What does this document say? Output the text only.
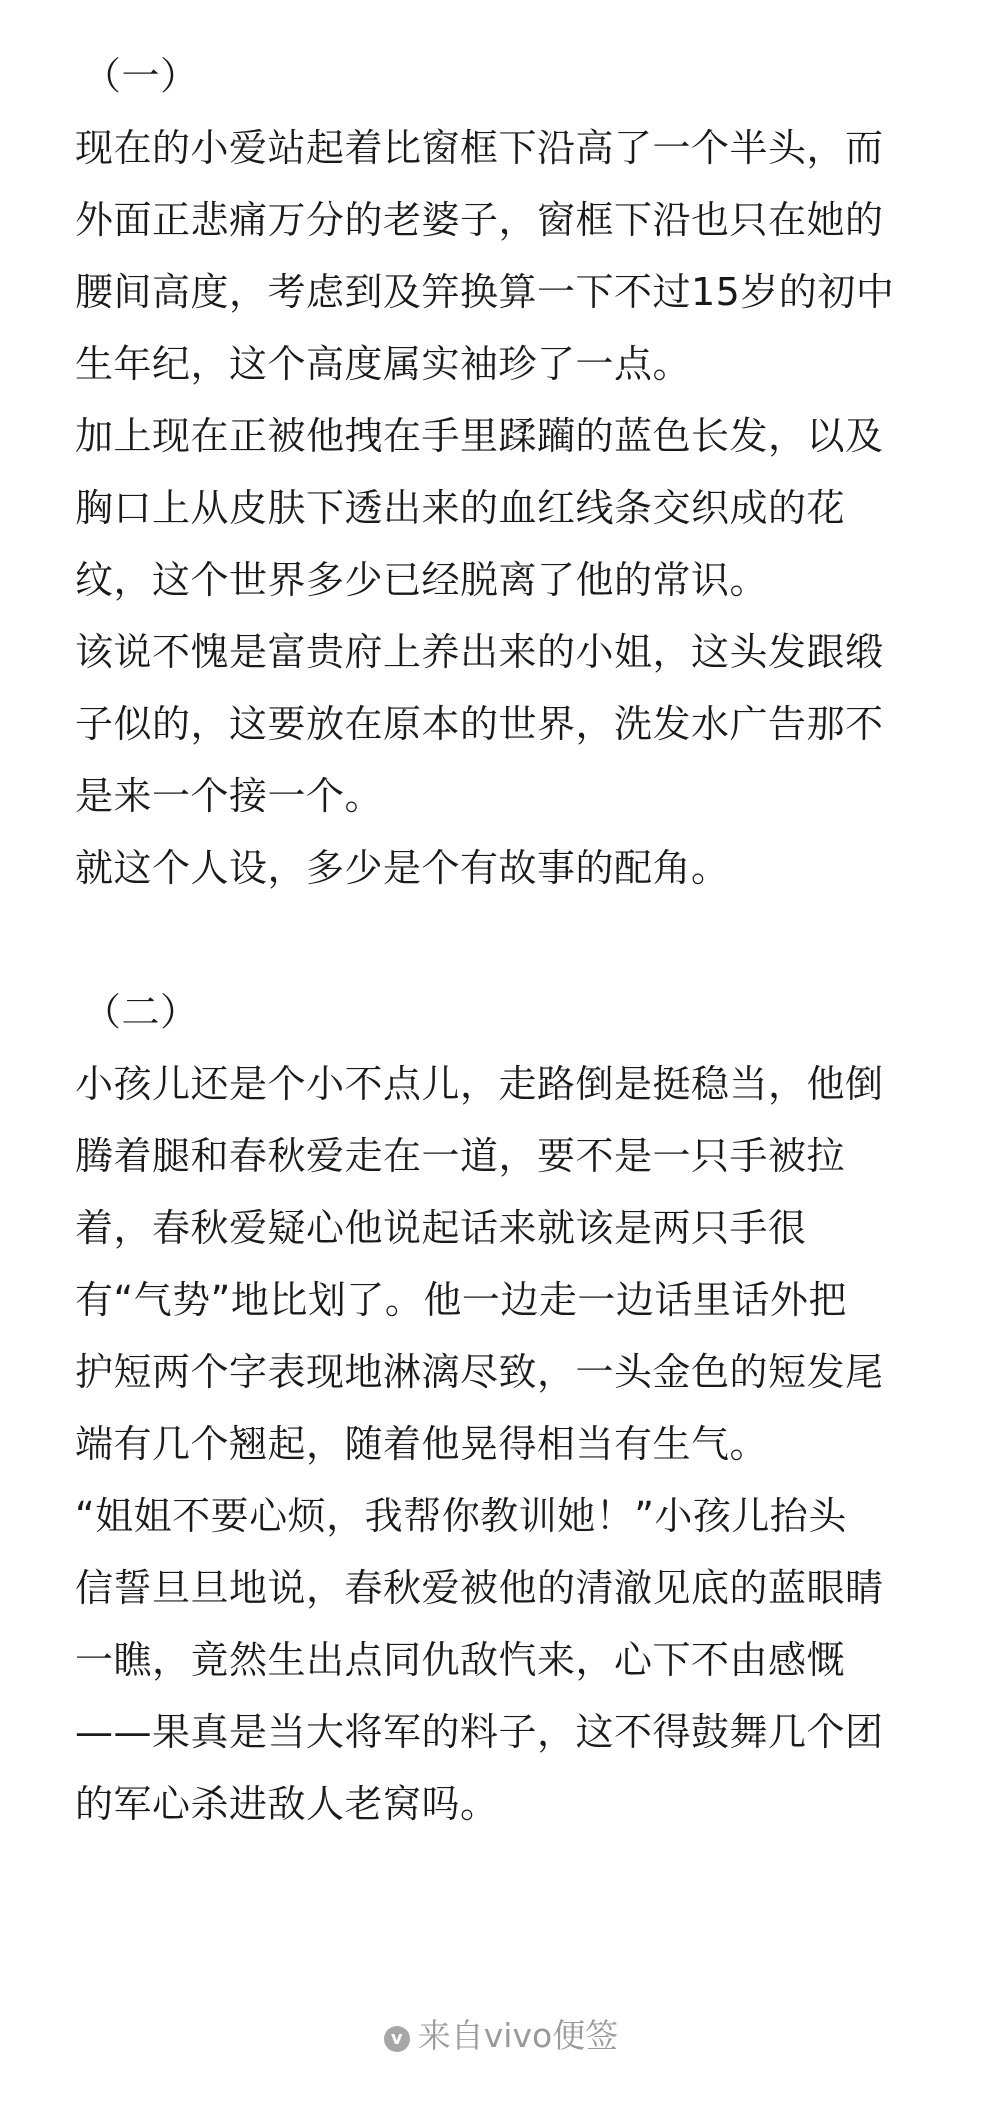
（一）
现在的小爱站起着比窗框下沿高了一个半头，而
外面正悲痛万分的老婆子，窗框下沿也只在她的
腰间高度，考虑到及笄换算一下不过15岁的初中
生年纪，这个高度属实袖珍了一点。
加上现在正被他拽在手里蹂躏的蓝色长发，以及
胸口上从皮肤下透出来的血红线条交织成的花
纹，这个世界多少已经脱离了他的常识。
该说不愧是富贵府上养出来的小姐，这头发跟缎
子似的，这要放在原本的世界，洗发水广告那不
是来一个接一个。
就这个人设，多少是个有故事的配角。
（二）
小孩儿还是个小不点儿，走路倒是挺稳当，他倒
腾着腿和春秋爱走在一道，要不是一只手被拉
着，春秋爱疑心他说起话来就该是两只手很
有“气势”地比划了。他一边走一边话里话外把
护短两个字表现地淋漓尽致，一头金色的短发尾
端有几个翘起，随着他晃得相当有生气。
“姐姐不要心烦，我帮你教训她！”小孩儿抬头
信誓旦旦地说，春秋爱被他的清澈见底的蓝眼睛
一瞧，竟然生出点同仇敌忾来，心下不由感慨
——果真是当大将军的料子，这不得鼓舞几个团
的军心杀进敌人老窝吗。
v 来自vivo便签
